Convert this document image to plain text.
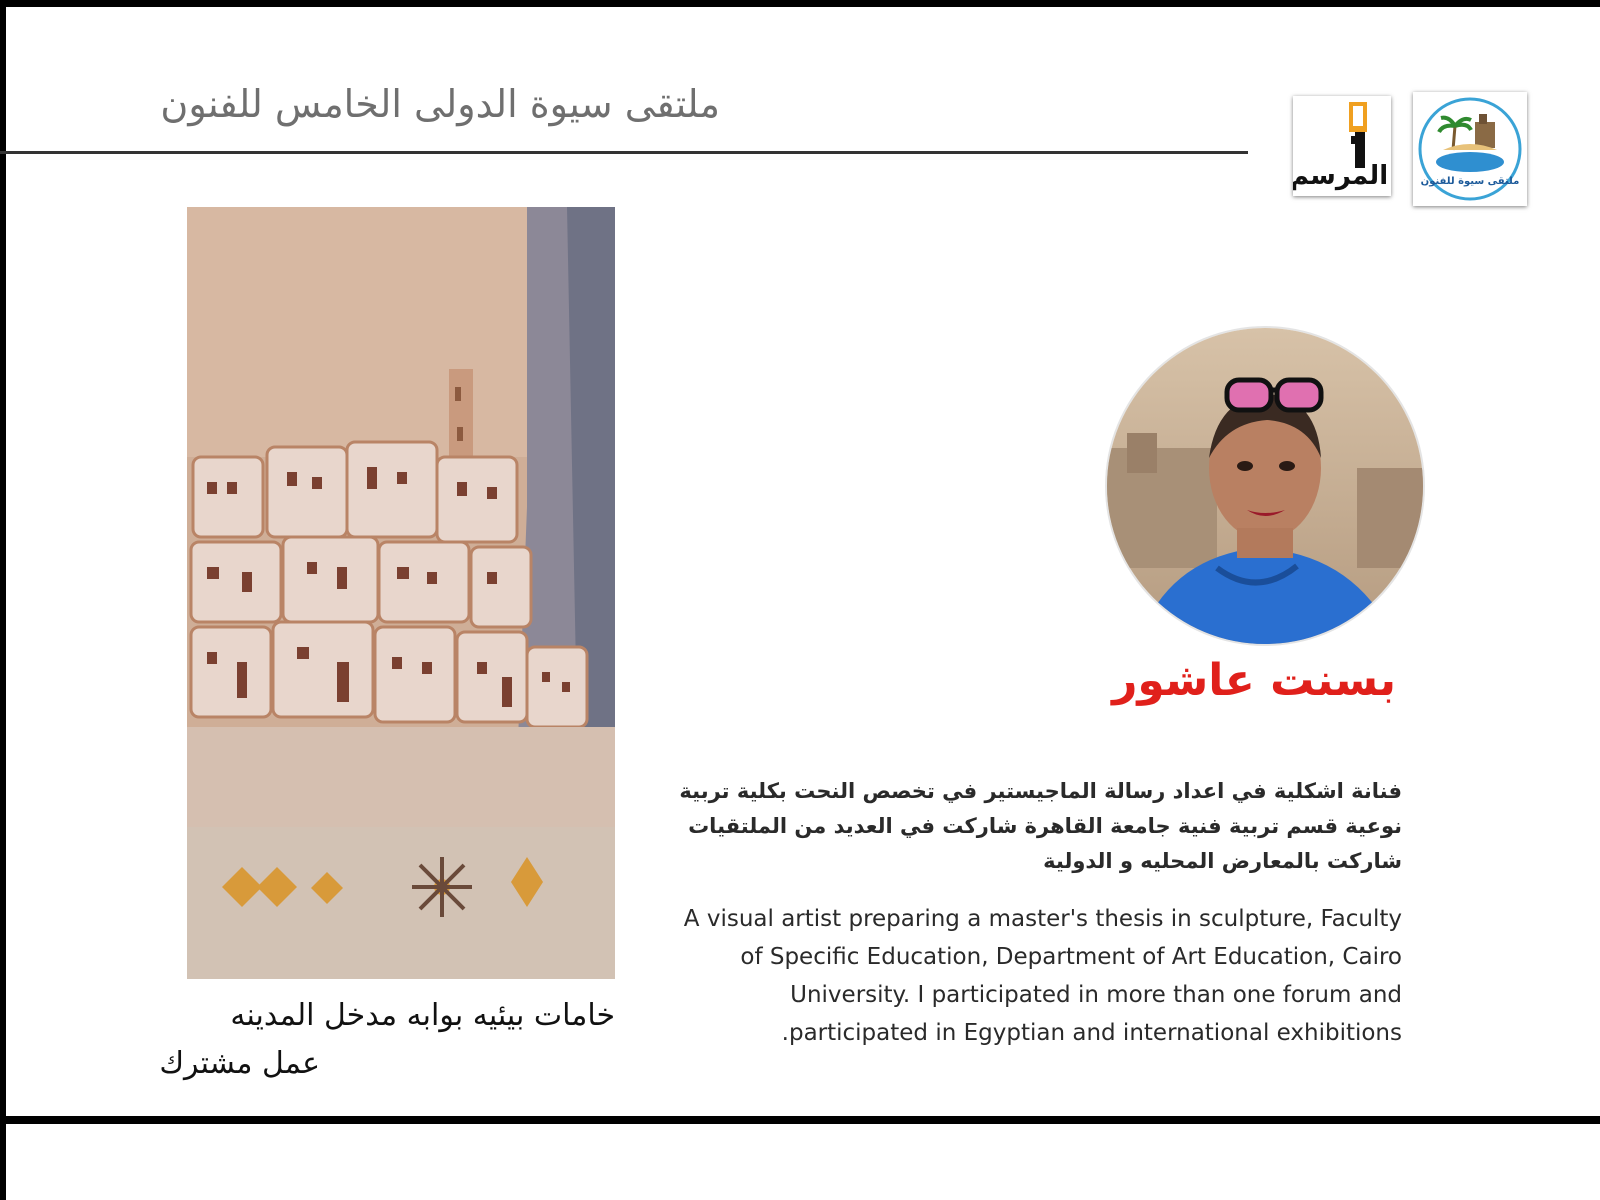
ملتقى سيوة الدولى الخامس للفنون
المرسم	ملتقى سيوة للفنون
خامات بيئيه بوابه مدخل المدينه
عمل مشترك
بسنت عاشور
فنانة اشكلية في اعداد رسالة الماجيستير في تخصص النحت بكلية تربية
نوعية قسم تربية فنية جامعة القاهرة شاركت في العديد من الملتقيات
شاركت بالمعارض المحليه و الدولية
A visual artist preparing a master's thesis in sculpture, Faculty
of Specific Education, Department of Art Education, Cairo
University. I participated in more than one forum and
.participated in Egyptian and international exhibitions
